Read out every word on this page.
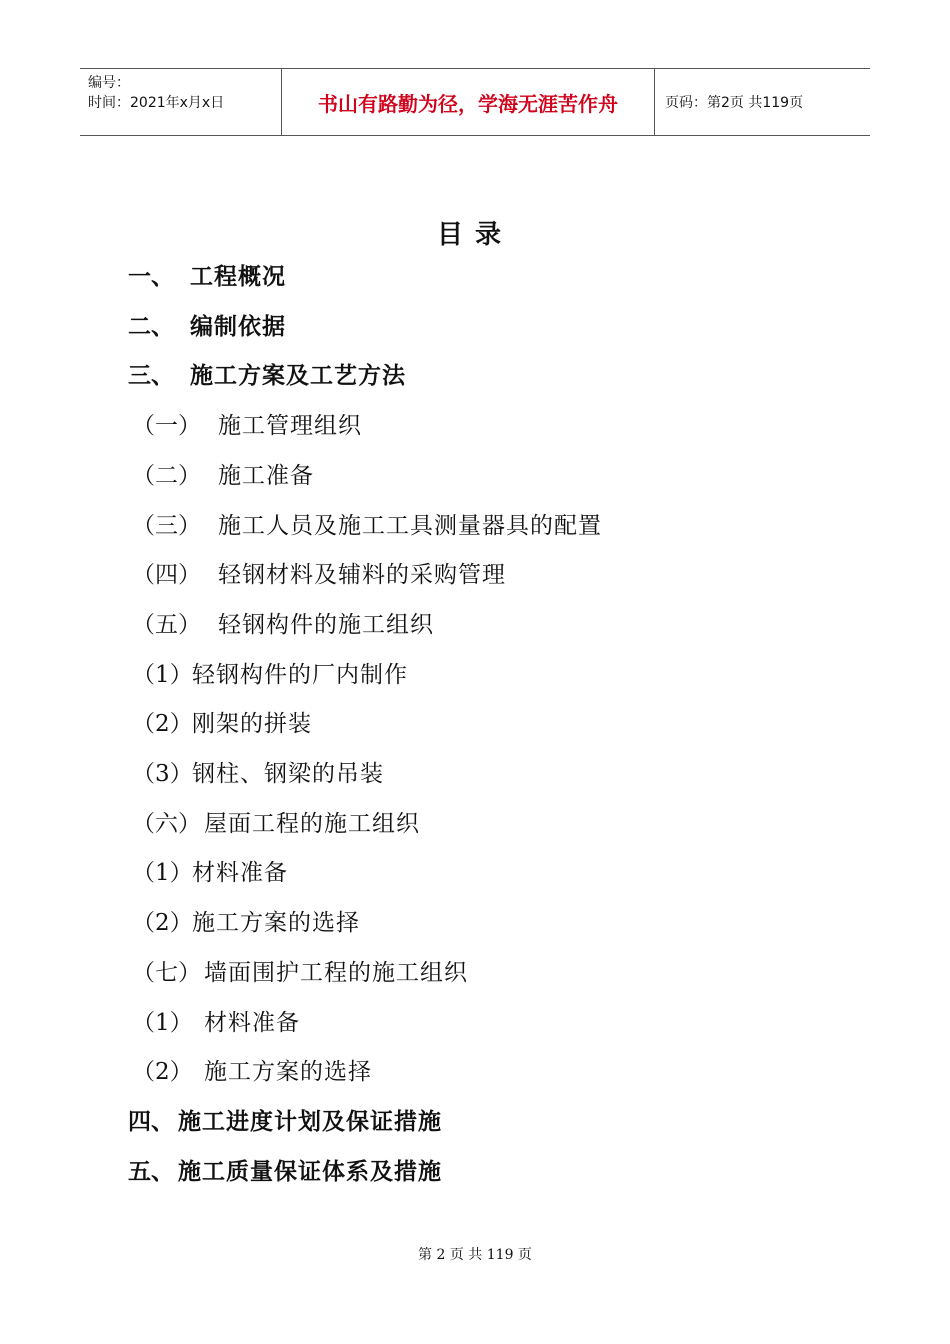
编号：
时间：2021年x月x日	书山有路勤为径，学海无涯苦作舟	页码：第2页 共119页
目录
一、 工程概况
二、 编制依据
三、 施工方案及工艺方法
（一） 施工管理组织
（二） 施工准备
（三） 施工人员及施工工具测量器具的配置
（四） 轻钢材料及辅料的采购管理
（五） 轻钢构件的施工组织
（1）轻钢构件的厂内制作
（2）刚架的拼装
（3）钢柱、钢梁的吊装
（六） 屋面工程的施工组织
（1）材料准备
（2）施工方案的选择
（七） 墙面围护工程的施工组织
（1） 材料准备
（2） 施工方案的选择
四、 施工进度计划及保证措施
五、 施工质量保证体系及措施
第 2 页 共 119 页
